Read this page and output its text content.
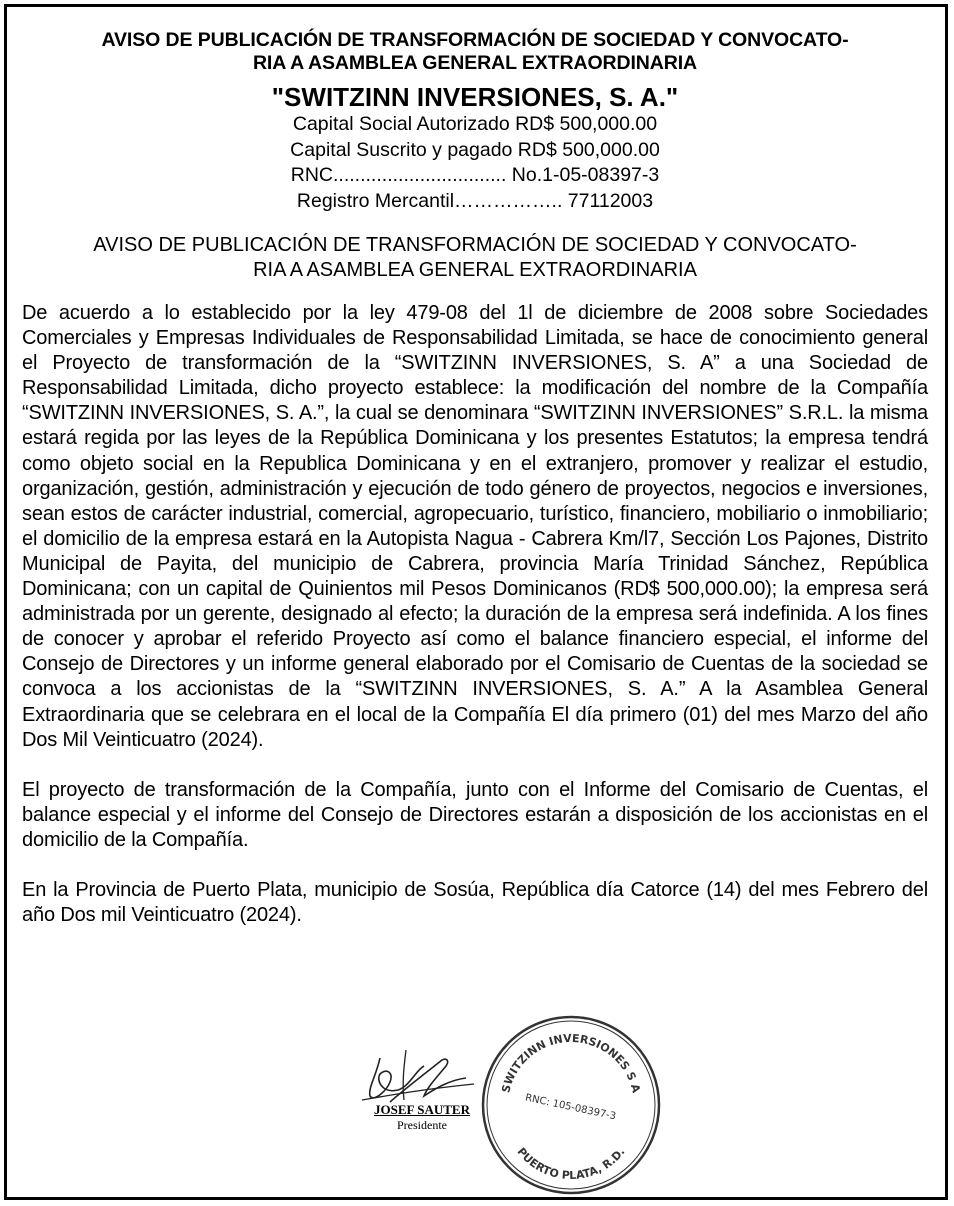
AVISO DE PUBLICACIÓN DE TRANSFORMACIÓN DE SOCIEDAD Y CONVOCATO-
RIA A ASAMBLEA GENERAL EXTRAORDINARIA

"SWITZINN INVERSIONES, S. A."

Capital Social Autorizado RD$ 500,000.00

Capital Suscrito y pagado RD$ 500,000.00

RNC................................ No.1-05-08397-3

Registro Mercantil…………….. 77112003

AVISO DE PUBLICACIÓN DE TRANSFORMACIÓN DE SOCIEDAD Y CONVOCATO-
RIA A ASAMBLEA GENERAL EXTRAORDINARIA

De acuerdo a lo establecido por la ley 479-08 del 1l de diciembre de 2008 sobre Sociedades Comerciales y Empresas Individuales de Responsabilidad Limitada, se hace de conocimiento general el Proyecto de transformación de la “SWITZINN INVERSIONES, S. A” a una Sociedad de Responsabilidad Limitada, dicho proyecto establece: la modificación del nombre de la Compañía “SWITZINN INVERSIONES, S. A.”, la cual se denominara “SWITZINN INVERSIONES” S.R.L. la misma estará regida por las leyes de la República Dominicana y los presentes Estatutos; la empresa tendrá como objeto social en la Republica Dominicana y en el extranjero, promover y realizar el estudio, organización, gestión, administración y ejecución de todo género de proyectos, negocios e inversiones, sean estos de carácter industrial, comercial, agropecuario, turístico, financiero, mobiliario o inmobiliario; el domicilio de la empresa estará en la Autopista Nagua - Cabrera Km/l7, Sección Los Pajones, Distrito Municipal de Payita, del municipio de Cabrera, provincia María Trinidad Sánchez, República Dominicana; con un capital de Quinientos mil Pesos Dominicanos (RD$ 500,000.00); la empresa será administrada por un gerente, designado al efecto; la duración de la empresa será indefinida. A los fines de conocer y aprobar el referido Proyecto así como el balance financiero especial, el informe del Consejo de Directores y un informe general elaborado por el Comisario de Cuentas de la sociedad se convoca a los accionistas de la “SWITZINN INVERSIONES, S. A.” A la Asamblea General Extraordinaria que se celebrara en el local de la Compañía El día primero (01) del mes Marzo del año Dos Mil Veinticuatro (2024).

El proyecto de transformación de la Compañía, junto con el Informe del Comisario de Cuentas, el balance especial y el informe del Consejo de Directores estarán a disposición de los accionistas en el domicilio de la Compañía.

En la Provincia de Puerto Plata, municipio de Sosúa, República día Catorce (14) del mes Febrero del año Dos mil Veinticuatro (2024).

JOSEF SAUTER
Presidente
SWITZINN INVERSIONES S A
RNC: 105-08397-3
PUERTO PLATA, R.D.
